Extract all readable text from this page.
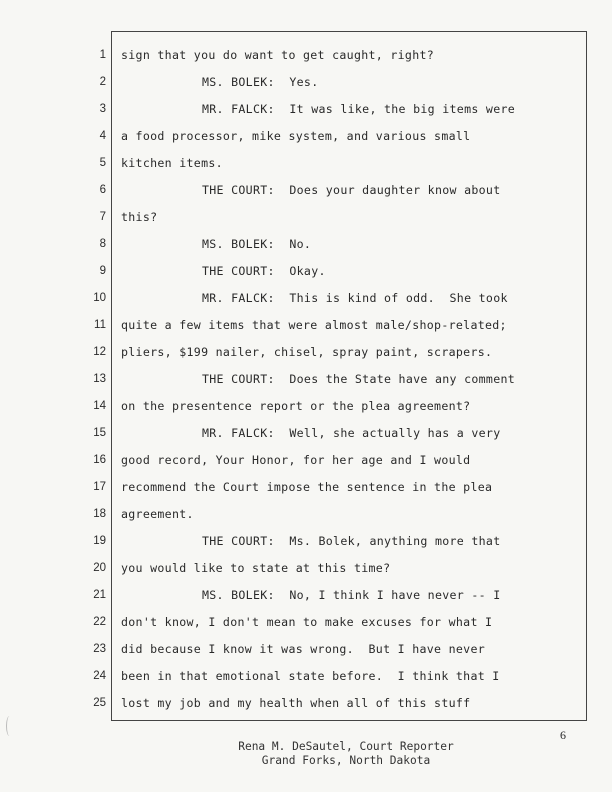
1 sign that you do want to get caught, right?
2	MS. BOLEK:  Yes.
3	MR. FALCK:  It was like, the big items were
4 a food processor, mike system, and various small
5 kitchen items.
6	THE COURT:  Does your daughter know about
7 this?
8	MS. BOLEK:  No.
9	THE COURT:  Okay.
10	MR. FALCK:  This is kind of odd.  She took
11 quite a few items that were almost male/shop-related;
12 pliers, $199 nailer, chisel, spray paint, scrapers.
13	THE COURT:  Does the State have any comment
14 on the presentence report or the plea agreement?
15	MR. FALCK:  Well, she actually has a very
16 good record, Your Honor, for her age and I would
17 recommend the Court impose the sentence in the plea
18 agreement.
19	THE COURT:  Ms. Bolek, anything more that
20 you would like to state at this time?
21	MS. BOLEK:  No, I think I have never -- I
22 don't know, I don't mean to make excuses for what I
23 did because I know it was wrong.  But I have never
24 been in that emotional state before.  I think that I
25 lost my job and my health when all of this stuff
6
Rena M. DeSautel, Court Reporter
Grand Forks, North Dakota
